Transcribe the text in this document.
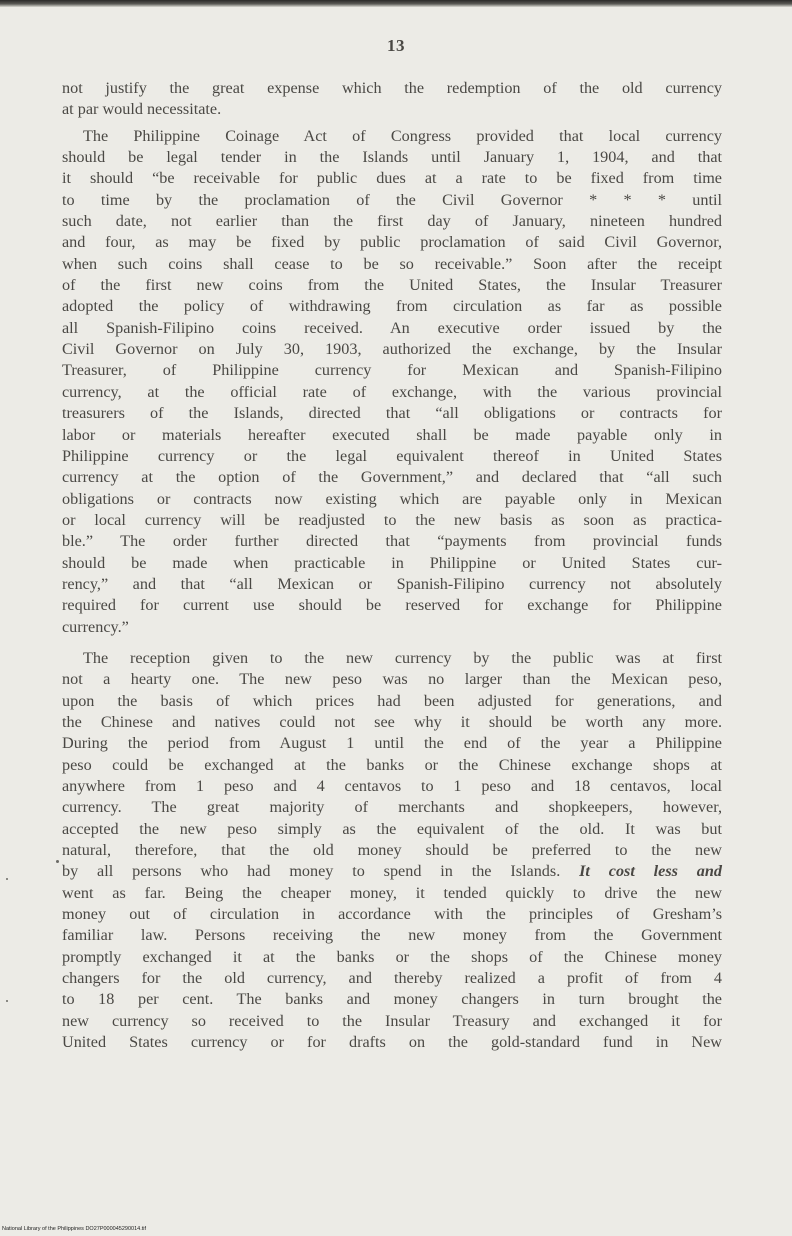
13
not justify the great expense which the redemption of the old currency
at par would necessitate.
The Philippine Coinage Act of Congress provided that local currency
should be legal tender in the Islands until January 1, 1904, and that
it should “be receivable for public dues at a rate to be fixed from time
to time by the proclamation of the Civil Governor * * * until
such date, not earlier than the first day of January, nineteen hundred
and four, as may be fixed by public proclamation of said Civil Governor,
when such coins shall cease to be so receivable.” Soon after the receipt
of the first new coins from the United States, the Insular Treasurer
adopted the policy of withdrawing from circulation as far as possible
all Spanish-Filipino coins received. An executive order issued by the
Civil Governor on July 30, 1903, authorized the exchange, by the Insular
Treasurer, of Philippine currency for Mexican and Spanish-Filipino
currency, at the official rate of exchange, with the various provincial
treasurers of the Islands, directed that “all obligations or contracts for
labor or materials hereafter executed shall be made payable only in
Philippine currency or the legal equivalent thereof in United States
currency at the option of the Government,” and declared that “all such
obligations or contracts now existing which are payable only in Mexican
or local currency will be readjusted to the new basis as soon as practica-
ble.” The order further directed that “payments from provincial funds
should be made when practicable in Philippine or United States cur-
rency,” and that “all Mexican or Spanish-Filipino currency not absolutely
required for current use should be reserved for exchange for Philippine
currency.”
The reception given to the new currency by the public was at first
not a hearty one. The new peso was no larger than the Mexican peso,
upon the basis of which prices had been adjusted for generations, and
the Chinese and natives could not see why it should be worth any more.
During the period from August 1 until the end of the year a Philippine
peso could be exchanged at the banks or the Chinese exchange shops at
anywhere from 1 peso and 4 centavos to 1 peso and 18 centavos, local
currency. The great majority of merchants and shopkeepers, however,
accepted the new peso simply as the equivalent of the old. It was but
natural, therefore, that the old money should be preferred to the new
by all persons who had money to spend in the Islands. It cost less and
went as far. Being the cheaper money, it tended quickly to drive the new
money out of circulation in accordance with the principles of Gresham’s
familiar law. Persons receiving the new money from the Government
promptly exchanged it at the banks or the shops of the Chinese money
changers for the old currency, and thereby realized a profit of from 4
to 18 per cent. The banks and money changers in turn brought the
new currency so received to the Insular Treasury and exchanged it for
United States currency or for drafts on the gold-standard fund in New
National Library of the Philippines DO27P000045290014.tif
